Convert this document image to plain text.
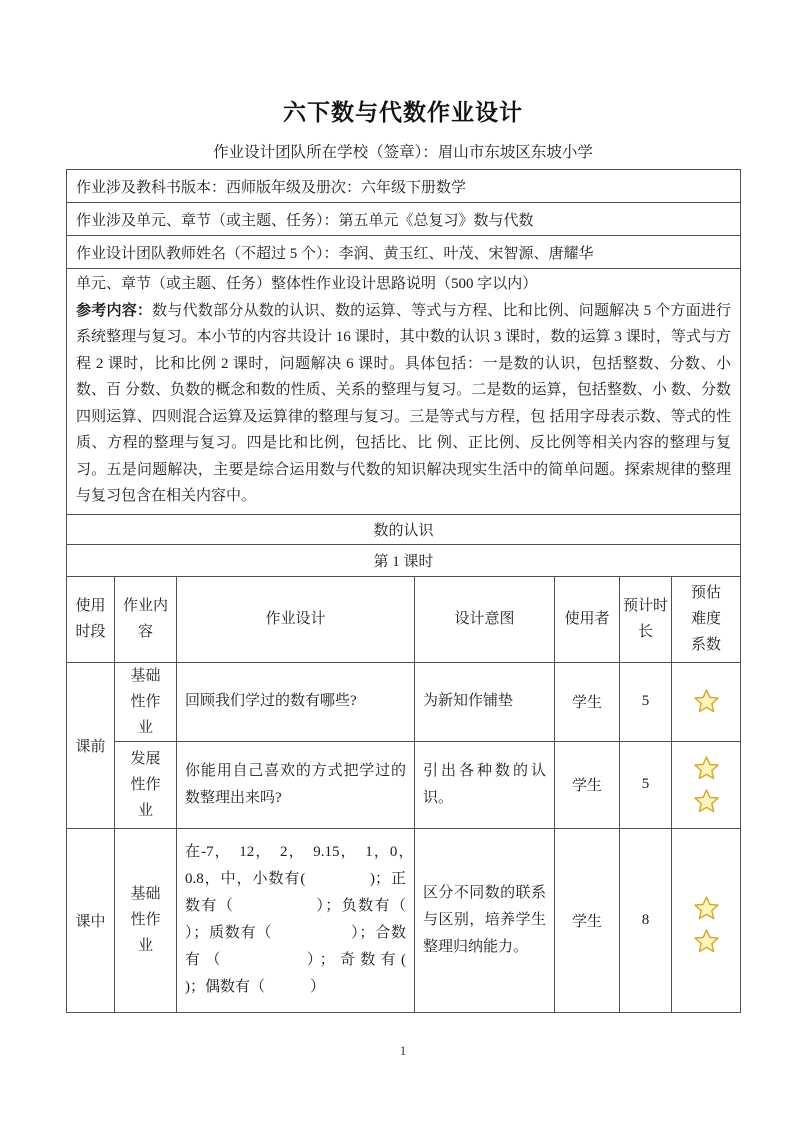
六下数与代数作业设计
作业设计团队所在学校（签章）：眉山市东坡区东坡小学
作业涉及教科书版本：西师版年级及册次：六年级下册数学						
作业涉及单元、章节（或主题、任务）：第五单元《总复习》数与代数						
作业设计团队教师姓名（不超过 5 个）：李润、黄玉红、叶茂、宋智源、唐耀华						

单元、章节（或主题、任务）整体性作业设计思路说明（500 字以内）
参考内容：数与代数部分从数的认识、数的运算、等式与方程、比和比例、问题解决 5 个方面进行系统整理与复习。本小节的内容共设计 16 课时，其中数的认识 3 课时，数的运算 3 课时，等式与方程 2 课时，比和比例 2 课时，问题解决 6 课时。具体包括：一是数的认识，包括整数、分数、小数、百 分数、负数的概念和数的性质、关系的整理与复习。二是数的运算，包括整数、小 数、分数四则运算、四则混合运算及运算律的整理与复习。三是等式与方程，包 括用字母表示数、等式的性质、方程的整理与复习。四是比和比例，包括比、比 例、正比例、反比例等相关内容的整理与复习。五是问题解决，主要是综合运用数与代数的知识解决现实生活中的简单问题。探索规律的整理与复习包含在相关内容中。						

数的认识						
第 1 课时						
使用时段	作业内容	作业设计	设计意图	使用者	预计时长	预估难度系数
课前	基础性作业	回顾我们学过的数有哪些?	为新知作铺垫	学生	5	

	发展性作业	你能用自己喜欢的方式把学过的数整理出来吗?	引出各种数的认识。	学生	5	

课中	基础性作业	在-7，　12，　2，　9.15，　1，0，　0.8，中，小数有(　　　　)；正数有（　　　　　）；负数有（　　　　　）；质数有（　　　　　）；合数有（　　　　）；奇数有(　　　)；偶数有（　　　）	区分不同数的联系与区别，培养学生整理归纳能力。	学生	8	
1
